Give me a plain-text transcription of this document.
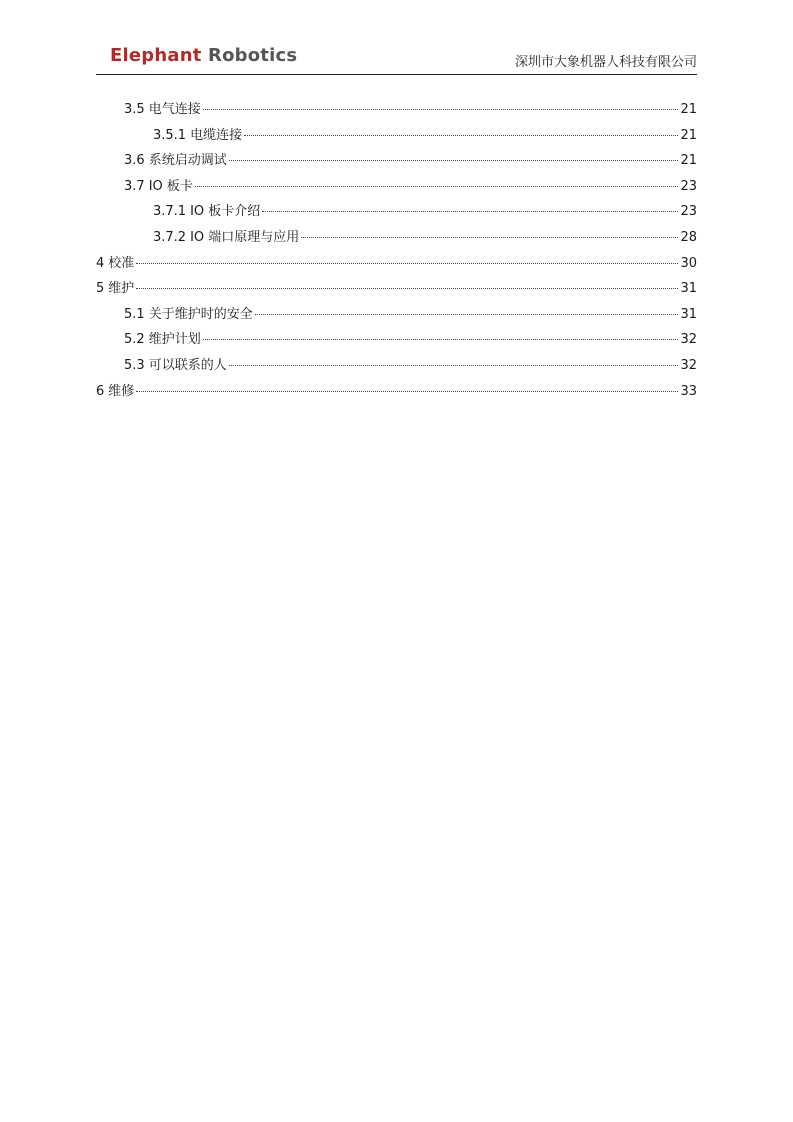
Elephant Robotics	深圳市大象机器人科技有限公司
3.5 电气连接	21
3.5.1 电缆连接	21
3.6 系统启动调试	21
3.7 IO 板卡	23
3.7.1 IO 板卡介绍	23
3.7.2 IO 端口原理与应用	28
4 校准	30
5 维护	31
5.1 关于维护时的安全	31
5.2 维护计划	32
5.3 可以联系的人	32
6 维修	33
